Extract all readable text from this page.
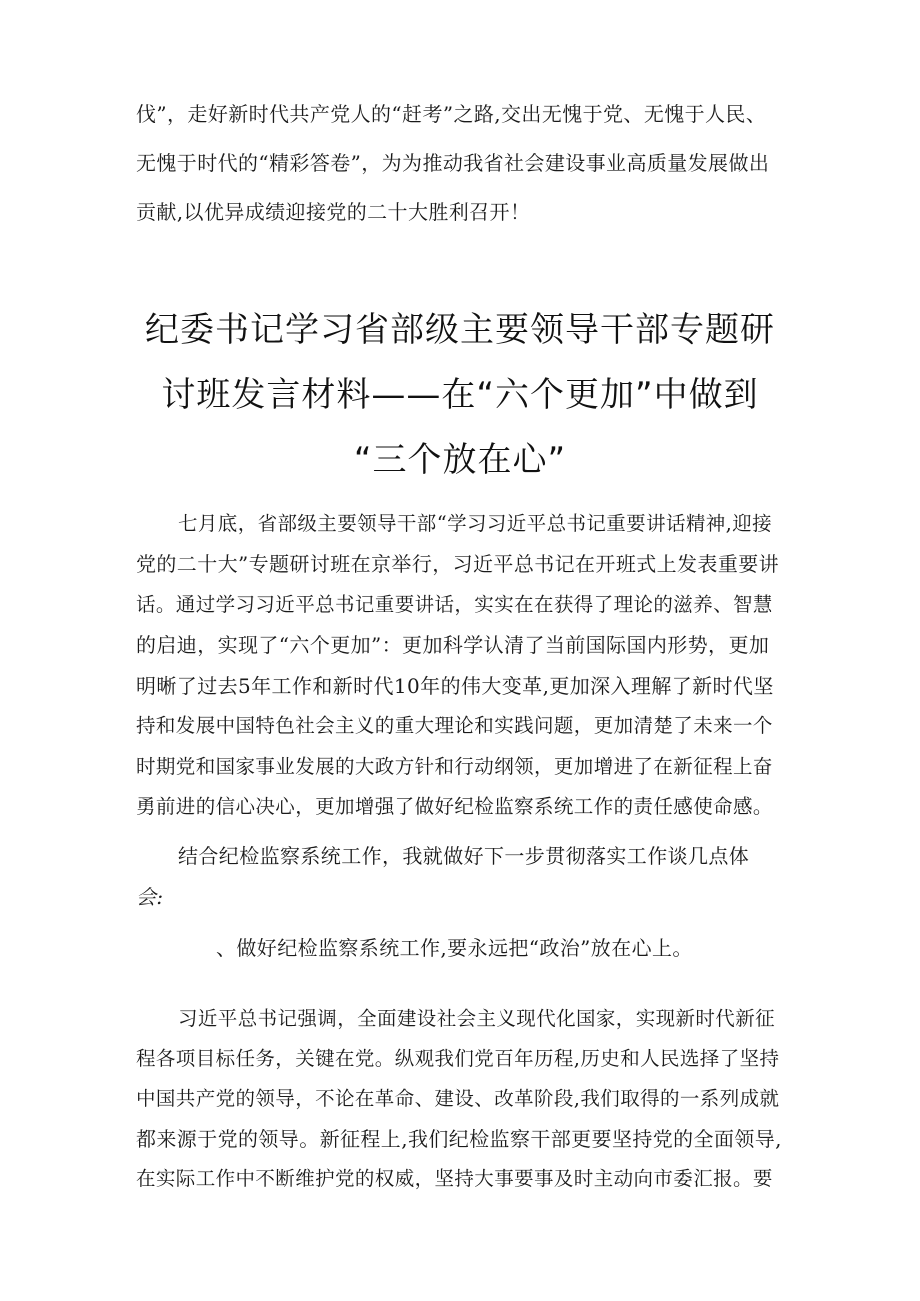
伐”，走好新时代共产党人的“赶考”之路,交出无愧于党、无愧于人民、
无愧于时代的“精彩答卷”，为为推动我省社会建设事业高质量发展做出
贡献,以优异成绩迎接党的二十大胜利召开！
纪委书记学习省部级主要领导干部专题研
讨班发言材料——在“六个更加”中做到
“三个放在心”
七月底，省部级主要领导干部“学习习近平总书记重要讲话精神,迎接
党的二十大”专题研讨班在京举行，习近平总书记在开班式上发表重要讲
话。通过学习习近平总书记重要讲话，实实在在获得了理论的滋养、智慧
的启迪，实现了“六个更加”：更加科学认清了当前国际国内形势，更加
明晰了过去5年工作和新时代10年的伟大变革,更加深入理解了新时代坚
持和发展中国特色社会主义的重大理论和实践问题，更加清楚了未来一个
时期党和国家事业发展的大政方针和行动纲领，更加增进了在新征程上奋
勇前进的信心决心，更加增强了做好纪检监察系统工作的责任感使命感。
结合纪检监察系统工作，我就做好下一步贯彻落实工作谈几点体
会:
、做好纪检监察系统工作,要永远把“政治”放在心上。
习近平总书记强调，全面建设社会主义现代化国家，实现新时代新征
程各项目标任务，关键在党。纵观我们党百年历程,历史和人民选择了坚持
中国共产党的领导，不论在革命、建设、改革阶段,我们取得的一系列成就
都来源于党的领导。新征程上,我们纪检监察干部更要坚持党的全面领导,
在实际工作中不断维护党的权威，坚持大事要事及时主动向市委汇报。要
